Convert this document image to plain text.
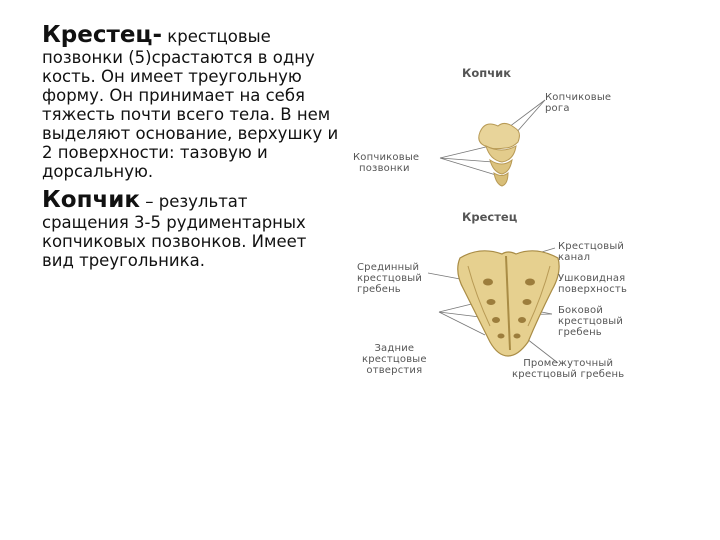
Крестец- крестцовые позвонки (5)срастаются в одну кость. Он имеет треугольную форму. Он принимает на себя тяжесть почти всего тела. В нем выделяют основание, верхушку и 2 поверхности: тазовую и дорсальную.

Копчик – результат
сращения 3-5 рудиментарных копчиковых позвонков. Имеет вид треугольника.

Копчик
Копчиковые
рога
Копчиковые
позвонки
Крестец
Срединный
крестцовый
гребень
Крестцовый
канал
Ушковидная
поверхность
Боковой
крестцовый
гребень
Задние
крестцовые
отверстия
Промежуточный
крестцовый гребень
